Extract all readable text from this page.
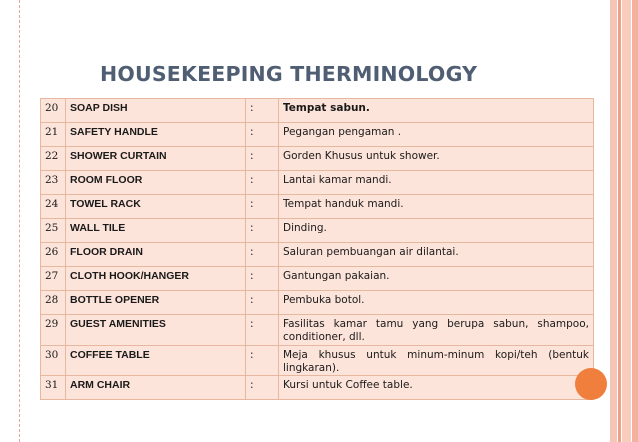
HOUSEKEEPING THERMINOLOGY
20	SOAP DISH	:	Tempat sabun.
21	SAFETY HANDLE	:	Pegangan pengaman .
22	SHOWER CURTAIN	:	Gorden Khusus untuk shower.
23	ROOM FLOOR	:	Lantai kamar mandi.
24	TOWEL RACK	:	Tempat handuk mandi.
25	WALL TILE	:	Dinding.
26	FLOOR DRAIN	:	Saluran pembuangan air dilantai.
27	CLOTH HOOK/HANGER	:	Gantungan pakaian.
28	BOTTLE OPENER	:	Pembuka botol.
29	GUEST AMENITIES	:	Fasilitas kamar tamu yang berupa sabun, shampoo, conditioner, dll.
30	COFFEE TABLE	:	Meja khusus untuk minum-minum kopi/teh (bentuk lingkaran).
31	ARM CHAIR	:	Kursi untuk Coffee table.
